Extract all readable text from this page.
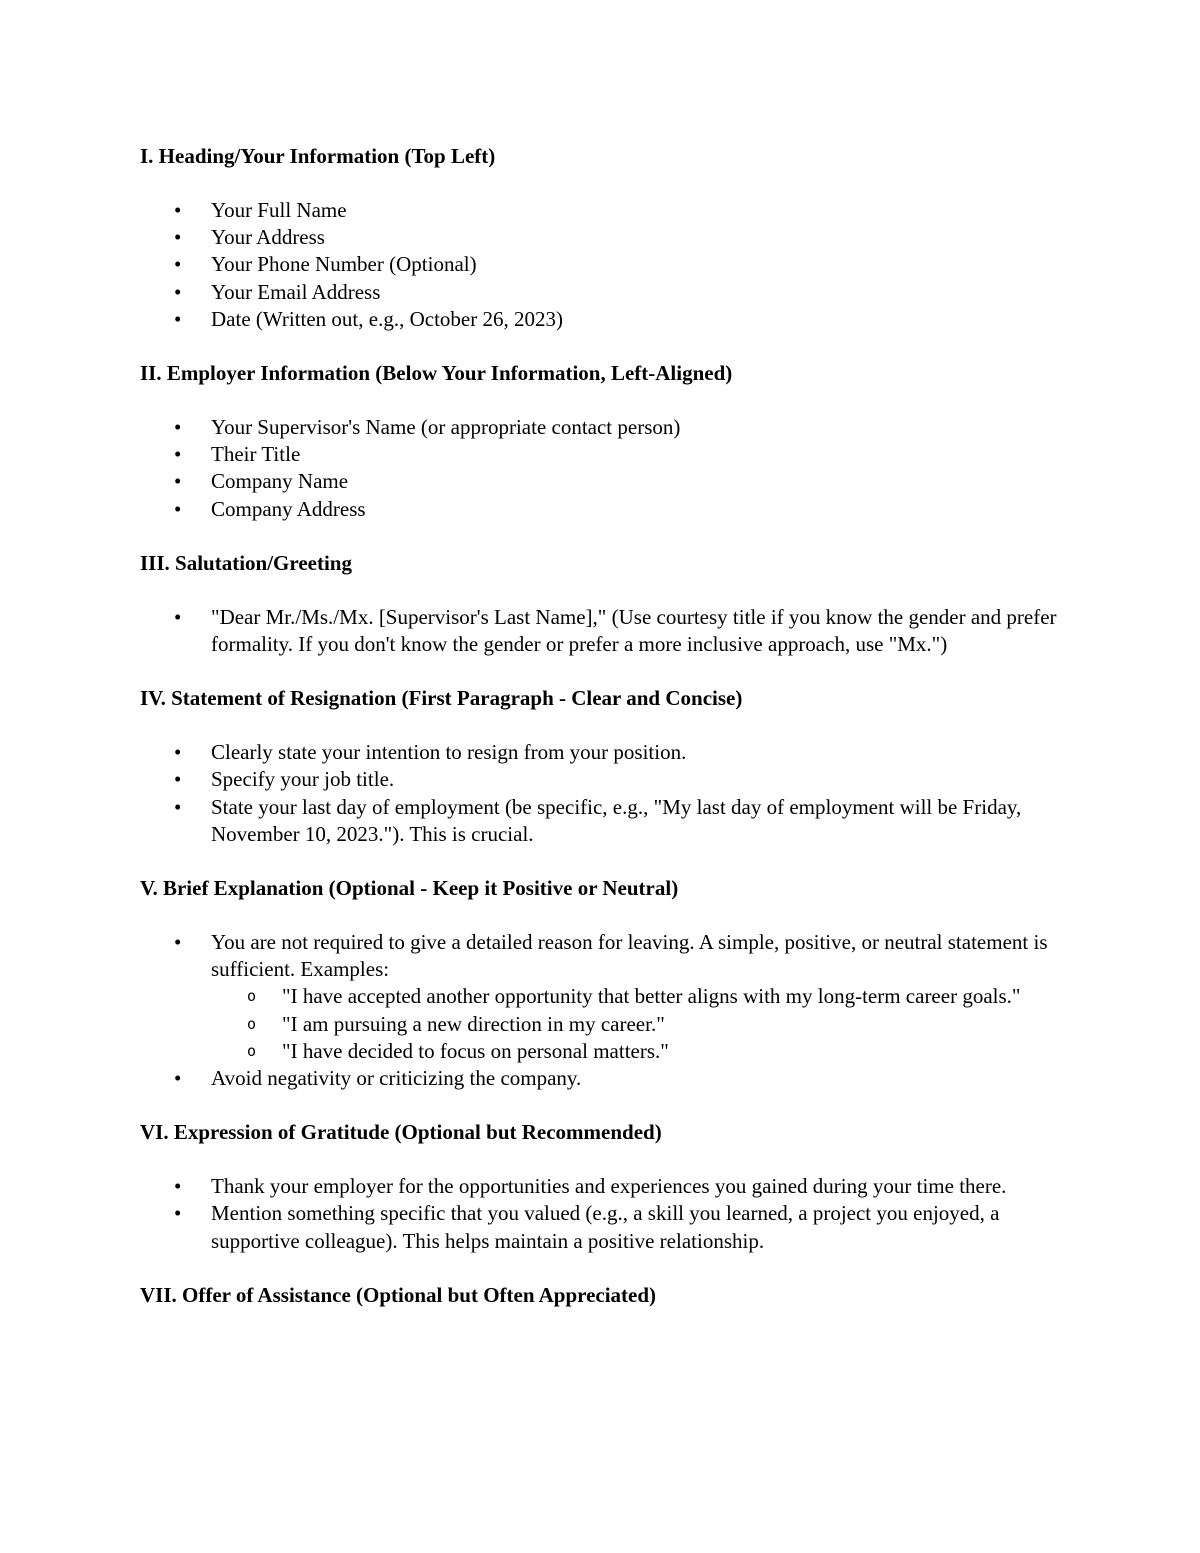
I. Heading/Your Information (Top Left)
• Your Full Name
• Your Address
• Your Phone Number (Optional)
• Your Email Address
• Date (Written out, e.g., October 26, 2023)
II. Employer Information (Below Your Information, Left-Aligned)
• Your Supervisor's Name (or appropriate contact person)
• Their Title
• Company Name
• Company Address
III. Salutation/Greeting
• "Dear Mr./Ms./Mx. [Supervisor's Last Name]," (Use courtesy title if you know the gender and prefer formality. If you don't know the gender or prefer a more inclusive approach, use "Mx.")
IV. Statement of Resignation (First Paragraph - Clear and Concise)
• Clearly state your intention to resign from your position.
• Specify your job title.
• State your last day of employment (be specific, e.g., "My last day of employment will be Friday, November 10, 2023."). This is crucial.
V. Brief Explanation (Optional - Keep it Positive or Neutral)
• You are not required to give a detailed reason for leaving. A simple, positive, or neutral statement is sufficient. Examples:
o "I have accepted another opportunity that better aligns with my long-term career goals."
o "I am pursuing a new direction in my career."
o "I have decided to focus on personal matters."
• Avoid negativity or criticizing the company.
VI. Expression of Gratitude (Optional but Recommended)
• Thank your employer for the opportunities and experiences you gained during your time there.
• Mention something specific that you valued (e.g., a skill you learned, a project you enjoyed, a supportive colleague). This helps maintain a positive relationship.
VII. Offer of Assistance (Optional but Often Appreciated)
